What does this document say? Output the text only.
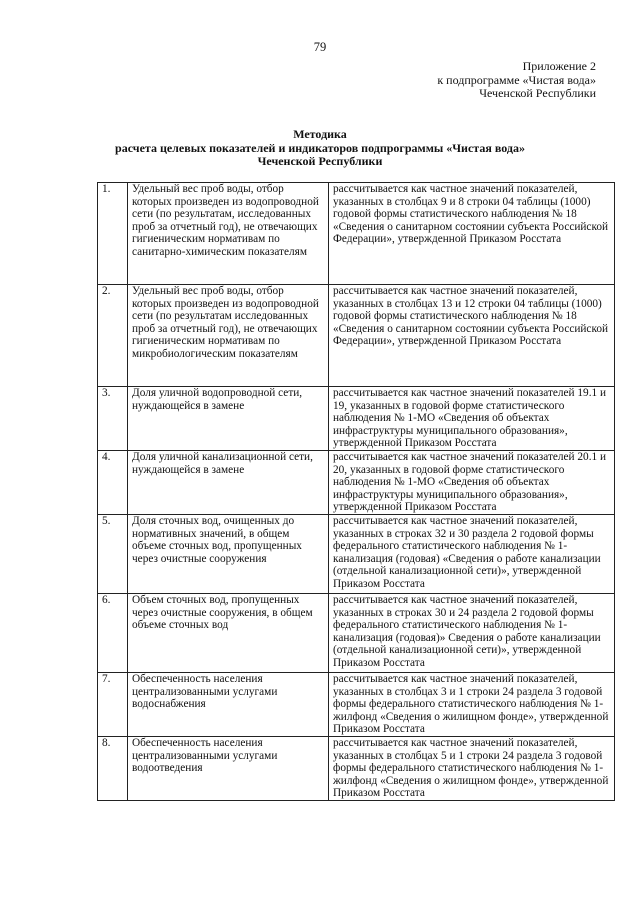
79
Приложение 2
к подпрограмме «Чистая вода»
Чеченской Республики
Методика
расчета целевых показателей и индикаторов подпрограммы «Чистая вода»
Чеченской Республики
1.	Удельный вес проб воды, отбор которых произведен из водопроводной сети (по результатам, исследованных проб за отчетный год), не отвечающих гигиеническим нормативам по санитарно-химическим показателям	рассчитывается как частное значений показателей, указанных в столбцах 9 и 8 строки 04 таблицы (1000) годовой формы статистического наблюдения № 18 «Сведения о санитарном состоянии субъекта Российской Федерации», утвержденной Приказом Росстата
2.	Удельный вес проб воды, отбор которых произведен из водопроводной сети (по результатам исследованных проб за отчетный год), не отвечающих гигиеническим нормативам по микробиологическим показателям	рассчитывается как частное значений показателей, указанных в столбцах 13 и 12 строки 04 таблицы (1000) годовой формы статистического наблюдения № 18 «Сведения о санитарном состоянии субъекта Российской Федерации», утвержденной Приказом Росстата
3.	Доля уличной водопроводной сети, нуждающейся в замене	рассчитывается как частное значений показателей 19.1 и 19, указанных в годовой форме статистического наблюдения № 1-МО «Сведения об объектах инфраструктуры муниципального образования», утвержденной Приказом Росстата
4.	Доля уличной канализационной сети, нуждающейся в замене	рассчитывается как частное значений показателей 20.1 и 20, указанных в годовой форме статистического наблюдения № 1-МО «Сведения об объектах инфраструктуры муниципального образования», утвержденной Приказом Росстата
5.	Доля сточных вод, очищенных до нормативных значений, в общем объеме сточных вод, пропущенных через очистные сооружения	рассчитывается как частное значений показателей, указанных в строках 32 и 30 раздела 2 годовой формы федерального статистического наблюдения № 1-канализация (годовая) «Сведения о работе канализации (отдельной канализационной сети)», утвержденной Приказом Росстата
6.	Объем сточных вод, пропущенных через очистные сооружения, в общем объеме сточных вод	рассчитывается как частное значений показателей, указанных в строках 30 и 24 раздела 2 годовой формы федерального статистического наблюдения № 1-канализация (годовая)» Сведения о работе канализации (отдельной канализационной сети)», утвержденной Приказом Росстата
7.	Обеспеченность населения централизованными услугами водоснабжения	рассчитывается как частное значений показателей, указанных в столбцах 3 и 1 строки 24 раздела 3 годовой формы федерального статистического наблюдения № 1-жилфонд «Сведения о жилищном фонде», утвержденной Приказом Росстата
8.	Обеспеченность населения централизованными услугами водоотведения	рассчитывается как частное значений показателей, указанных в столбцах 5 и 1 строки 24 раздела 3 годовой формы федерального статистического наблюдения № 1-жилфонд «Сведения о жилищном фонде», утвержденной Приказом Росстата
